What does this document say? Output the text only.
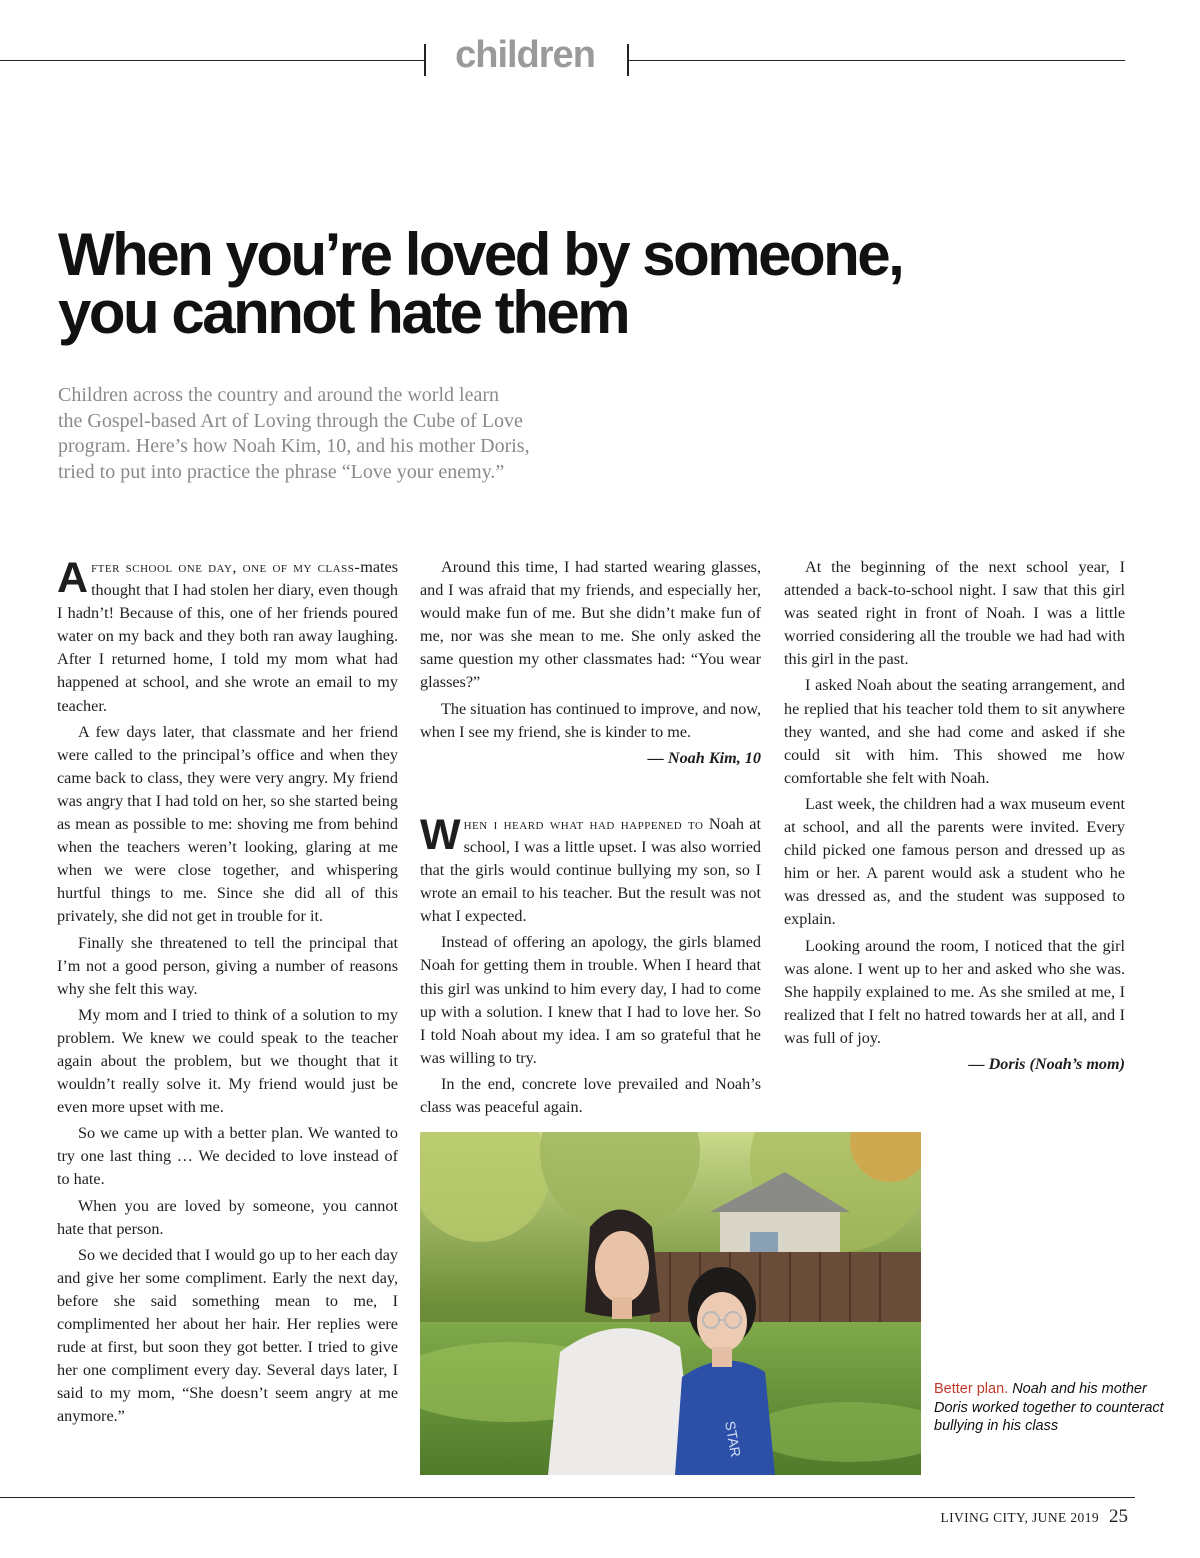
children
When you’re loved by someone,
you cannot hate them
Children across the country and around the world learn
the Gospel-based Art of Loving through the Cube of Love
program. Here’s how Noah Kim, 10, and his mother Doris,
tried to put into practice the phrase “Love your enemy.”

After school one day, one of my class-mates thought that I had stolen her diary, even though I hadn’t! Because of this, one of her friends poured water on my back and they both ran away laughing. After I returned home, I told my mom what had happened at school, and she wrote an email to my teacher.

A few days later, that classmate and her friend were called to the principal’s office and when they came back to class, they were very angry. My friend was angry that I had told on her, so she started being as mean as possible to me: shoving me from behind when the teachers weren’t looking, glaring at me when we were close together, and whispering hurtful things to me. Since she did all of this privately, she did not get in trouble for it.

Finally she threatened to tell the principal that I’m not a good person, giving a number of reasons why she felt this way.

My mom and I tried to think of a solution to my problem. We knew we could speak to the teacher again about the problem, but we thought that it wouldn’t really solve it. My friend would just be even more upset with me.

So we came up with a better plan. We wanted to try one last thing … We decided to love instead of to hate.

When you are loved by someone, you cannot hate that person.

So we decided that I would go up to her each day and give her some compliment. Early the next day, before she said something mean to me, I complimented her about her hair. Her replies were rude at first, but soon they got better. I tried to give her one compliment every day. Several days later, I said to my mom, “She doesn’t seem angry at me anymore.”

Around this time, I had started wearing glasses, and I was afraid that my friends, and especially her, would make fun of me. But she didn’t make fun of me, nor was she mean to me. She only asked the same question my other classmates had: “You wear glasses?”

The situation has continued to improve, and now, when I see my friend, she is kinder to me.

— Noah Kim, 10

When i heard what had happened to Noah at school, I was a little upset. I was also worried that the girls would continue bullying my son, so I wrote an email to his teacher. But the result was not what I expected.

Instead of offering an apology, the girls blamed Noah for getting them in trouble. When I heard that this girl was unkind to him every day, I had to come up with a solution. I knew that I had to love her. So I told Noah about my idea. I am so grateful that he was willing to try.

In the end, concrete love prevailed and Noah’s class was peaceful again.

At the beginning of the next school year, I attended a back-to-school night. I saw that this girl was seated right in front of Noah. I was a little worried considering all the trouble we had had with this girl in the past.

I asked Noah about the seating arrangement, and he replied that his teacher told them to sit anywhere they wanted, and she had come and asked if she could sit with him. This showed me how comfortable she felt with Noah.

Last week, the children had a wax museum event at school, and all the parents were invited. Every child picked one famous person and dressed up as him or her. A parent would ask a student who he was dressed as, and the student was supposed to explain.

Looking around the room, I noticed that the girl was alone. I went up to her and asked who she was. She happily explained to me. As she smiled at me, I realized that I felt no hatred towards her at all, and I was full of joy.

— Doris (Noah’s mom)

STAR
Better plan. Noah and his mother Doris worked together to counteract bullying in his class
LIVING CITY, JUNE 2019 25
